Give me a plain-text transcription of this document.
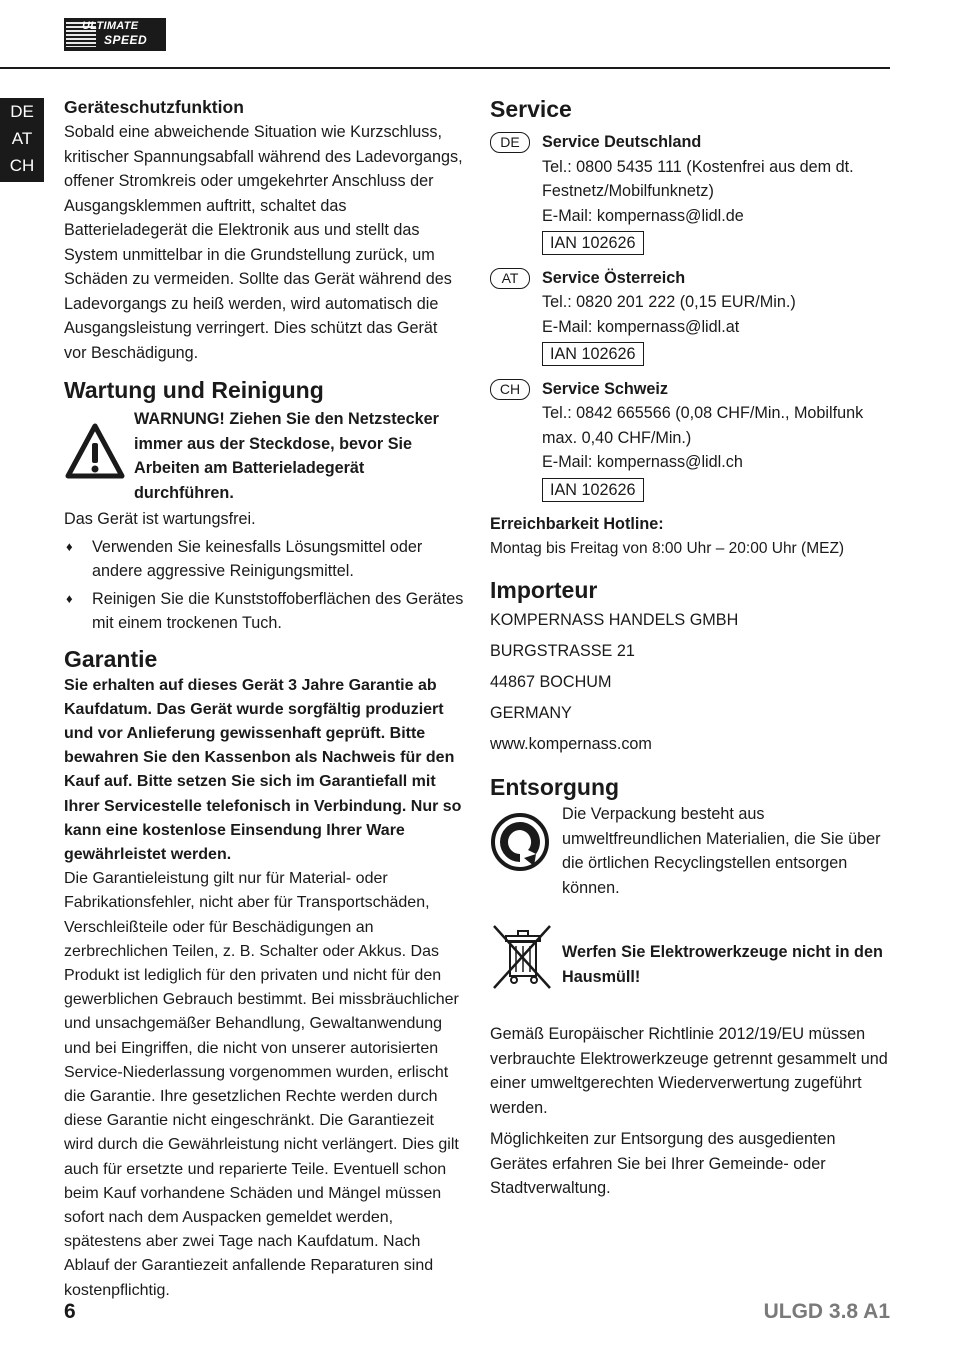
ULTIMATE
SPEED
DE
AT
CH
Geräteschutzfunktion

Sobald eine abweichende Situation wie Kurzschluss, kritischer Spannungsabfall während des Ladevorgangs, offener Stromkreis oder umgekehrter Anschluss der Ausgangsklemmen auftritt, schaltet das Batterieladegerät die Elektronik aus und stellt das System unmittelbar in die Grundstellung zurück, um Schäden zu vermeiden. Sollte das Gerät während des Ladevorgangs zu heiß werden, wird automatisch die Ausgangsleistung verringert. Dies schützt das Gerät vor Beschädigung.

Wartung und Reinigung

WARNUNG! Ziehen Sie den Netzstecker immer aus der Steckdose, bevor Sie Arbeiten am Batterieladegerät durchführen.

Das Gerät ist wartungsfrei.

♦	Verwenden Sie keinesfalls Lösungsmittel oder andere aggressive Reinigungsmittel.
♦	Reinigen Sie die Kunststoffoberflächen des Gerätes mit einem trockenen Tuch.
Garantie

Sie erhalten auf dieses Gerät 3 Jahre Garantie ab Kaufdatum. Das Gerät wurde sorgfältig produziert und vor Anlieferung gewissenhaft geprüft. Bitte bewahren Sie den Kassenbon als Nachweis für den Kauf auf. Bitte setzen Sie sich im Garantiefall mit Ihrer Servicestelle telefonisch in Verbindung. Nur so kann eine kostenlose Einsendung Ihrer Ware gewährleistet werden.

Die Garantieleistung gilt nur für Material- oder Fabrikationsfehler, nicht aber für Transportschäden, Verschleißteile oder für Beschädigungen an zerbrechlichen Teilen, z. B. Schalter oder Akkus. Das Produkt ist lediglich für den privaten und nicht für den gewerblichen Gebrauch bestimmt. Bei missbräuchlicher und unsachgemäßer Behandlung, Gewaltanwendung und bei Eingriffen, die nicht von unserer autorisierten Service-Niederlassung vorgenommen wurden, erlischt die Garantie. Ihre gesetzlichen Rechte werden durch diese Garantie nicht eingeschränkt. Die Garantiezeit wird durch die Gewährleistung nicht verlängert. Dies gilt auch für ersetzte und reparierte Teile. Eventuell schon beim Kauf vorhandene Schäden und Mängel müssen sofort nach dem Auspacken gemeldet werden, spätestens aber zwei Tage nach Kaufdatum. Nach Ablauf der Garantiezeit anfallende Reparaturen sind kostenpflichtig.

Service
DE	Service Deutschland
Tel.: 0800 5435 111 (Kostenfrei aus dem dt. Festnetz/Mobilfunknetz)
E-Mail: kompernass@lidl.de
IAN 102626
AT	Service Österreich
Tel.: 0820 201 222 (0,15 EUR/Min.)
E-Mail: kompernass@lidl.at
IAN 102626
CH	Service Schweiz
Tel.: 0842 665566 (0,08 CHF/Min., Mobilfunk max. 0,40 CHF/Min.)
E-Mail: kompernass@lidl.ch
IAN 102626
Erreichbarkeit Hotline:
Montag bis Freitag von 8:00 Uhr – 20:00 Uhr (MEZ)
Importeur
KOMPERNASS HANDELS GMBH
BURGSTRASSE 21
44867 BOCHUM
GERMANY
www.kompernass.com
Entsorgung

Die Verpackung besteht aus umweltfreundlichen Materialien, die Sie über die örtlichen Recyclingstellen entsorgen können.

Werfen Sie Elektrowerkzeuge nicht in den Hausmüll!

Gemäß Europäischer Richtlinie 2012/19/EU müssen verbrauchte Elektrowerkzeuge getrennt gesammelt und einer umweltgerechten Wiederverwertung zugeführt werden.

Möglichkeiten zur Entsorgung des ausgedienten Gerätes erfahren Sie bei Ihrer Gemeinde- oder Stadtverwaltung.

6	ULGD 3.8 A1
